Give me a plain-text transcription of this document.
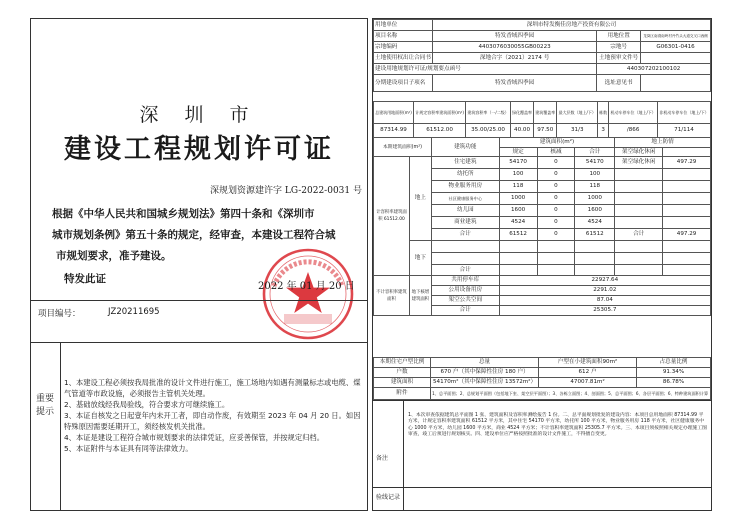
深 圳 市
建设工程规划许可证
深规划资源建许字 LG-2022-0031 号
根据《中华人民共和国城乡规划法》第四十条和《深圳市
城市规划条例》第五十条的规定，经审查，本建设工程符合城
市规划要求，准予建设。
特发此证
2022 年 01 月 20 日
项目编号：	JZ20211695
重要提示
1、本建设工程必须按我局批准的设计文件进行施工，施工场地内如遇有测量标志或电缆、煤气管道等市政设施，必须报告主管机关处理。
2、基础放线经我局验线，符合要求方可继续施工。
3、本证自核发之日起壹年内未开工者，即自动作废，有效期至 2023 年 04 月 20 日。如因特殊原因需要延期开工，须经核发机关批准。
4、本证是建设工程符合城市规划要求的法律凭证，应妥善保管，并按规定归档。
5、本证附件与本证具有同等法律效力。
用地单位	深圳市特发衡佳房地产投资有限公司		
项目名称	特发香域四季园	用地位置	龙岗区南湾南岭村丹竹头大道交叉口西侧
宗地编码	4403076030055GB00223	宗地号	G06301-0416
土地使用权出让合同书	深地合字（2021）2174 号	土地预审文件号	
建设用地规划许可证/规划要点函号		440307202100102	
分期建设项目子项名	特发香域四季园	选址意见书	
总建筑用地面积(m²)	计规定容积率建筑面积(m²)	建筑容积率（一/二级）	绿化覆盖率	建筑覆盖率	最大层数（地上/下）	栋数	机动车停车位（地上/下）	非机动车停车位（地上/下）
87314.99	61512.00	35.00/25.00	40.00	97.50	31/3	3	/866	71/114
本期建筑面积(m²)		建筑功能	建筑面积(m²)			地上防情	
			规定	核减	合计	架空绿化休闲	
计容积率建筑面积 61512.00	地上	住宅建筑	54170	0	54170	架空绿化休闲	497.29
		幼托所	100	0	100		
		物业服务用房	118	0	118		
		社区健康服务中心	1000	0	1000		
		幼儿园	1600	0	1600		
		商业建筑	4524	0	4524		
		合计	61512	0	61512	合计	497.29
	地下						

		合计					
不计容积率建筑面积	地下核增建筑面积	共用停车库	22927.64				
		公用设备用房	2291.02				
		架空公共空间	87.04				
		合计	25305.7				
本期住宅户型比例	总量	户型在小建筑面积90m²	占总量比例
户数	670 户（其中保障性住房 180 户）	612 户	91.34%
建筑面积	54170m²（其中保障性住房 13572m²）	47007.81m²	86.78%
附件	1、总平面图；2、总规划平面图（包括地下室、架空层平面图）；3、各栋立面图；4、剖面图；5、总平面图；6、各层平面图；6、特种建筑面积计算		
备注
1、本次审查依据建筑总平面图 1 张、建筑面积及容积率测绘报告 1 份。二、总平面规划批复的建设内容：本项目总用地面积 87314.99 平方米，计规定容积率建筑面积 61512 平方米，其中住宅 54170 平方米，幼托所 100 平方米，物业服务用房 118 平方米，社区健康服务中心 1000 平方米，幼儿园 1600 平方米，商业 4524 平方米；不计容积率建筑面积 25305.7 平方米。三、本项目须按照相关规定办理施工图审查，竣工后须进行规划核实。四、建设单位应严格按照批准的设计文件施工，不得擅自变更。
验线记录
